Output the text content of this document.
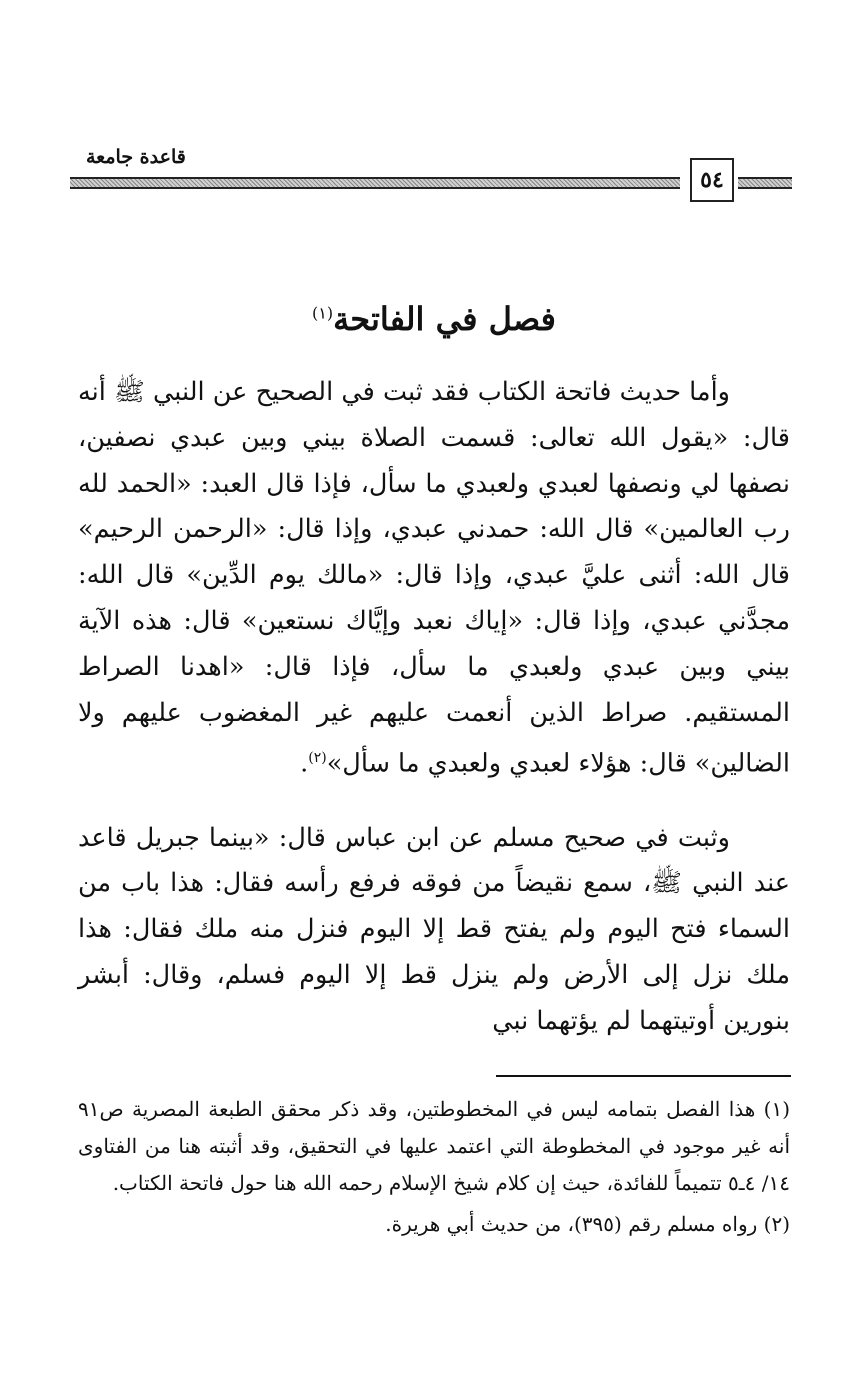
قاعدة جامعة
٥٤
فصل في الفاتحة$^{(١)}$

وأما حديث فاتحة الكتاب فقد ثبت في الصحيح عن النبي ﷺ أنه قال: «يقول الله تعالى: قسمت الصلاة بيني وبين عبدي نصفين، نصفها لي ونصفها لعبدي ولعبدي ما سأل، فإذا قال العبد: «الحمد لله رب العالمين» قال الله: حمدني عبدي، وإذا قال: «الرحمن الرحيم» قال الله: أثنى عليَّ عبدي، وإذا قال: «مالك يوم الدِّين» قال الله: مجدَّني عبدي، وإذا قال: «إياك نعبد وإيَّاك نستعين» قال: هذه الآية بيني وبين عبدي ولعبدي ما سأل، فإذا قال: «اهدنا الصراط المستقيم. صراط الذين أنعمت عليهم غير المغضوب عليهم ولا الضالين» قال: هؤلاء لعبدي ولعبدي ما سأل»$^{(٢)}$.

وثبت في صحيح مسلم عن ابن عباس قال: «بينما جبريل قاعد عند النبي ﷺ، سمع نقيضاً من فوقه فرفع رأسه فقال: هذا باب من السماء فتح اليوم ولم يفتح قط إلا اليوم فنزل منه ملك فقال: هذا ملك نزل إلى الأرض ولم ينزل قط إلا اليوم فسلم، وقال: أبشر بنورين أوتيتهما لم يؤتهما نبي

(١) هذا الفصل بتمامه ليس في المخطوطتين، وقد ذكر محقق الطبعة المصرية ص٩١ أنه غير موجود في المخطوطة التي اعتمد عليها في التحقيق، وقد أثبته هنا من الفتاوى ١٤/ ٤ـ٥ تتميماً للفائدة، حيث إن كلام شيخ الإسلام رحمه الله هنا حول فاتحة الكتاب.

(٢) رواه مسلم رقم (٣٩٥)، من حديث أبي هريرة.
